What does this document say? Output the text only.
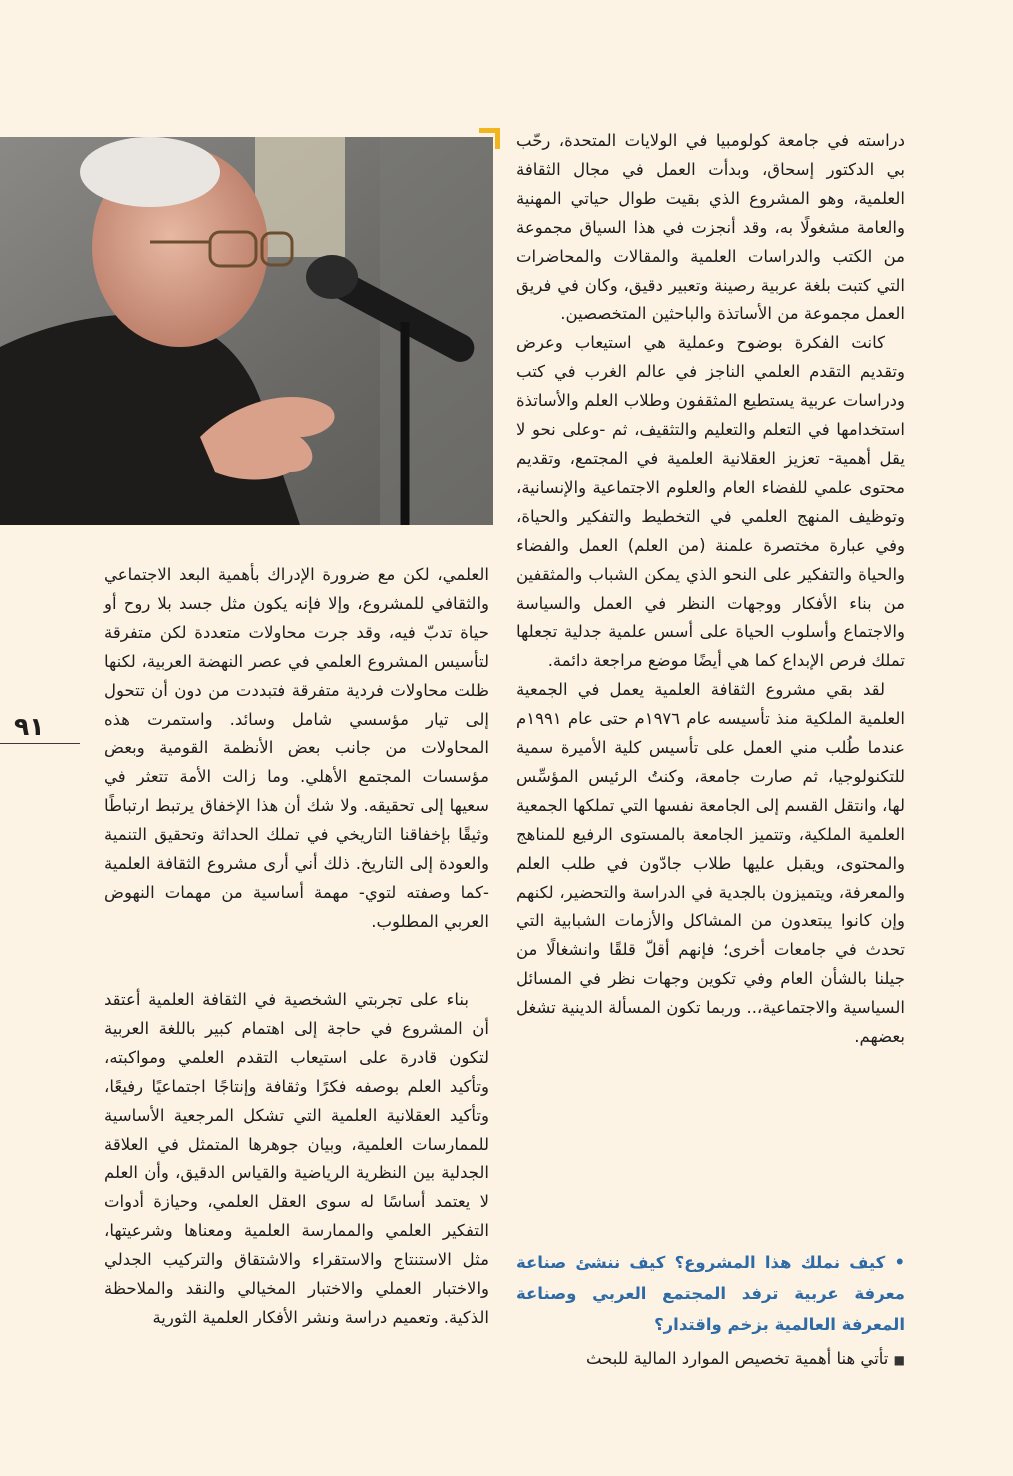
دراسته في جامعة كولومبيا في الولايات المتحدة، رحّب بي الدكتور إسحاق، وبدأت العمل في مجال الثقافة العلمية، وهو المشروع الذي بقيت طوال حياتي المهنية والعامة مشغولًا به، وقد أنجزت في هذا السياق مجموعة من الكتب والدراسات العلمية والمقالات والمحاضرات التي كتبت بلغة عربية رصينة وتعبير دقيق، وكان في فريق العمل مجموعة من الأساتذة والباحثين المتخصصين.

كانت الفكرة بوضوح وعملية هي استيعاب وعرض وتقديم التقدم العلمي الناجز في عالم الغرب في كتب ودراسات عربية يستطيع المثقفون وطلاب العلم والأساتذة استخدامها في التعلم والتعليم والتثقيف، ثم -وعلى نحو لا يقل أهمية- تعزيز العقلانية العلمية في المجتمع، وتقديم محتوى علمي للفضاء العام والعلوم الاجتماعية والإنسانية، وتوظيف المنهج العلمي في التخطيط والتفكير والحياة، وفي عبارة مختصرة علمنة (من العلم) العمل والفضاء والحياة والتفكير على النحو الذي يمكن الشباب والمثقفين من بناء الأفكار ووجهات النظر في العمل والسياسة والاجتماع وأسلوب الحياة على أسس علمية جدلية تجعلها تملك فرص الإبداع كما هي أيضًا موضع مراجعة دائمة.

لقد بقي مشروع الثقافة العلمية يعمل في الجمعية العلمية الملكية منذ تأسيسه عام ١٩٧٦م حتى عام ١٩٩١م عندما طُلب مني العمل على تأسيس كلية الأميرة سمية للتكنولوجيا، ثم صارت جامعة، وكنتُ الرئيس المؤسِّس لها، وانتقل القسم إلى الجامعة نفسها التي تملكها الجمعية العلمية الملكية، وتتميز الجامعة بالمستوى الرفيع للمناهج والمحتوى، ويقبل عليها طلاب جادّون في طلب العلم والمعرفة، ويتميزون بالجدية في الدراسة والتحضير، لكنهم وإن كانوا يبتعدون من المشاكل والأزمات الشبابية التي تحدث في جامعات أخرى؛ فإنهم أقلّ قلقًا وانشغالًا من جيلنا بالشأن العام وفي تكوين وجهات نظر في المسائل السياسية والاجتماعية،.. وربما تكون المسألة الدينية تشغل بعضهم.

العلمي، لكن مع ضرورة الإدراك بأهمية البعد الاجتماعي والثقافي للمشروع، وإلا فإنه يكون مثل جسد بلا روح أو حياة تدبّ فيه، وقد جرت محاولات متعددة لكن متفرقة لتأسيس المشروع العلمي في عصر النهضة العربية، لكنها ظلت محاولات فردية متفرقة فتبددت من دون أن تتحول إلى تيار مؤسسي شامل وسائد. واستمرت هذه المحاولات من جانب بعض الأنظمة القومية وبعض مؤسسات المجتمع الأهلي. وما زالت الأمة تتعثر في سعيها إلى تحقيقه. ولا شك أن هذا الإخفاق يرتبط ارتباطًا وثيقًا بإخفاقنا التاريخي في تملك الحداثة وتحقيق التنمية والعودة إلى التاريخ. ذلك أني أرى مشروع الثقافة العلمية -كما وصفته لتوي- مهمة أساسية من مهمات النهوض العربي المطلوب.

بناء على تجربتي الشخصية في الثقافة العلمية أعتقد أن المشروع في حاجة إلى اهتمام كبير باللغة العربية لتكون قادرة على استيعاب التقدم العلمي ومواكبته، وتأكيد العلم بوصفه فكرًا وثقافة وإنتاجًا اجتماعيًا رفيعًا، وتأكيد العقلانية العلمية التي تشكل المرجعية الأساسية للممارسات العلمية، وبيان جوهرها المتمثل في العلاقة الجدلية بين النظرية الرياضية والقياس الدقيق، وأن العلم لا يعتمد أساسًا له سوى العقل العلمي، وحيازة أدوات التفكير العلمي والممارسة العلمية ومعناها وشرعيتها، مثل الاستنتاج والاستقراء والاشتقاق والتركيب الجدلي والاختبار العملي والاختبار المخيالي والنقد والملاحظة الذكية. وتعميم دراسة ونشر الأفكار العلمية الثورية

٩١
• كيف نملك هذا المشروع؟ كيف ننشئ صناعة معرفة عربية ترفد المجتمع العربي وصناعة المعرفة العالمية بزخم واقتدار؟
■ تأتي هنا أهمية تخصيص الموارد المالية للبحث
